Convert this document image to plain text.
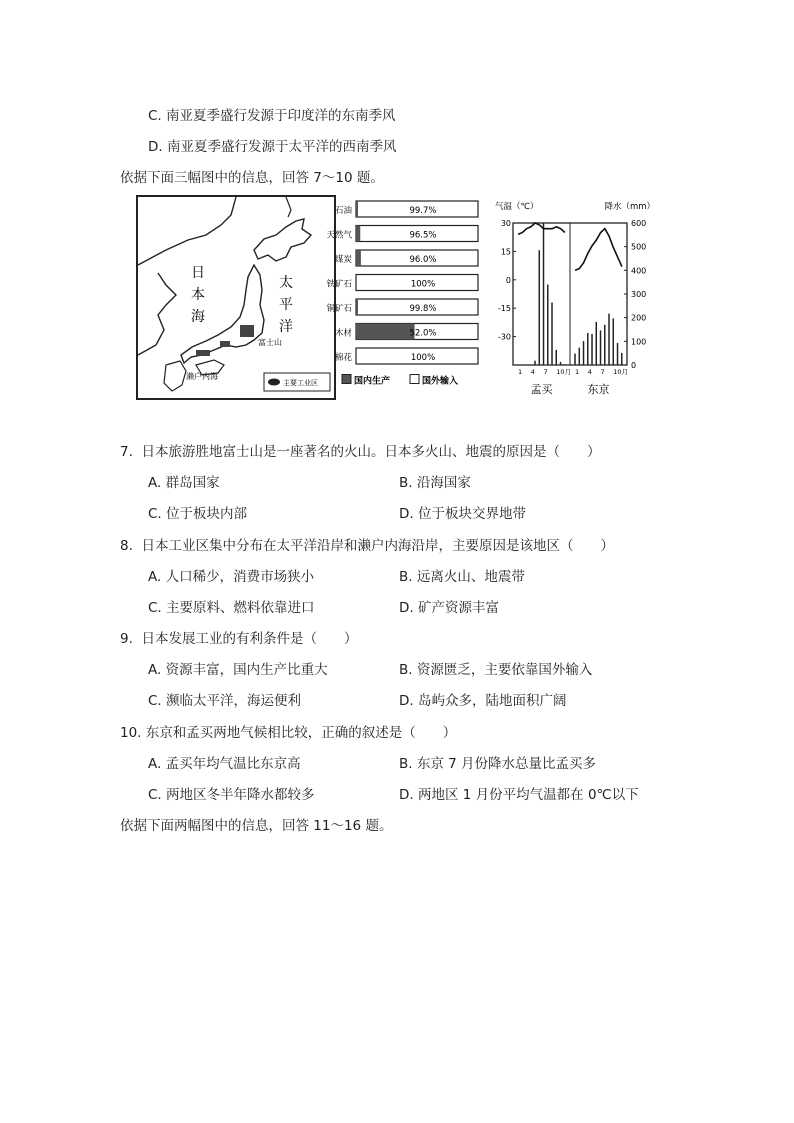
C. 南亚夏季盛行发源于印度洋的东南季风
D. 南亚夏季盛行发源于太平洋的西南季风
依据下面三幅图中的信息，回答 7～10 题。
日
本
海
太
平
洋
富士山
濑户内海
主要工业区
石油	99.7%
天然气	96.5%
煤炭	96.0%
铁矿石	100%
铜矿石	99.8%
木材	52.0%
棉花	100%
国内生产	国外输入
气温（℃）	降水（mm）
30
15
0
-15
-30
600
500
400
300
200
100
0
孟买	东京
1 4 7 10月 1 4 7 10月
7. 日本旅游胜地富士山是一座著名的火山。日本多火山、地震的原因是（　　）
A. 群岛国家	B. 沿海国家
C. 位于板块内部	D. 位于板块交界地带
8. 日本工业区集中分布在太平洋沿岸和濑户内海沿岸，主要原因是该地区（　　）
A. 人口稀少，消费市场狭小	B. 远离火山、地震带
C. 主要原料、燃料依靠进口	D. 矿产资源丰富
9. 日本发展工业的有利条件是（　　）
A. 资源丰富，国内生产比重大	B. 资源匮乏，主要依靠国外输入
C. 濒临太平洋，海运便利	D. 岛屿众多，陆地面积广阔
10. 东京和孟买两地气候相比较，正确的叙述是（　　）
A. 孟买年均气温比东京高	B. 东京 7 月份降水总量比孟买多
C. 两地区冬半年降水都较多	D. 两地区 1 月份平均气温都在 0℃以下
依据下面两幅图中的信息，回答 11～16 题。
